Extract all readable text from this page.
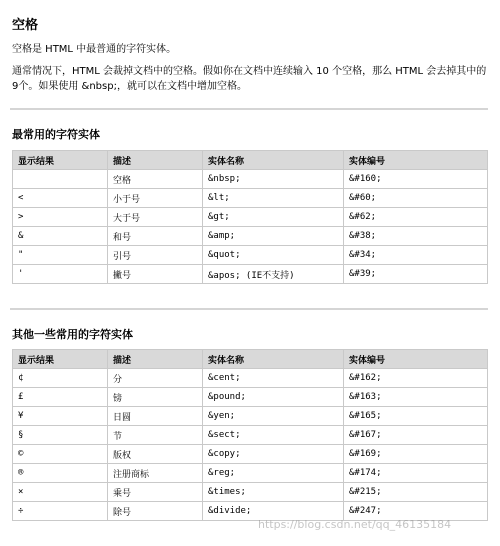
空格
空格是 HTML 中最普通的字符实体。
通常情况下，HTML 会裁掉文档中的空格。假如你在文档中连续输入 10 个空格，那么 HTML 会去掉其中的9个。如果使用 &nbsp;，就可以在文档中增加空格。
最常用的字符实体
显示结果	描述	实体名称	实体编号
	空格	&nbsp;	&#160;
<	小于号	&lt;	&#60;
>	大于号	&gt;	&#62;
&	和号	&amp;	&#38;
"	引号	&quot;	&#34;
'	撇号	&apos; (IE不支持)	&#39;
其他一些常用的字符实体
显示结果	描述	实体名称	实体编号
¢	分	&cent;	&#162;
£	镑	&pound;	&#163;
¥	日圆	&yen;	&#165;
§	节	&sect;	&#167;
©	版权	&copy;	&#169;
®	注册商标	&reg;	&#174;
×	乘号	&times;	&#215;
÷	除号	&divide;	&#247;
https://blog.csdn.net/qq_46135184
